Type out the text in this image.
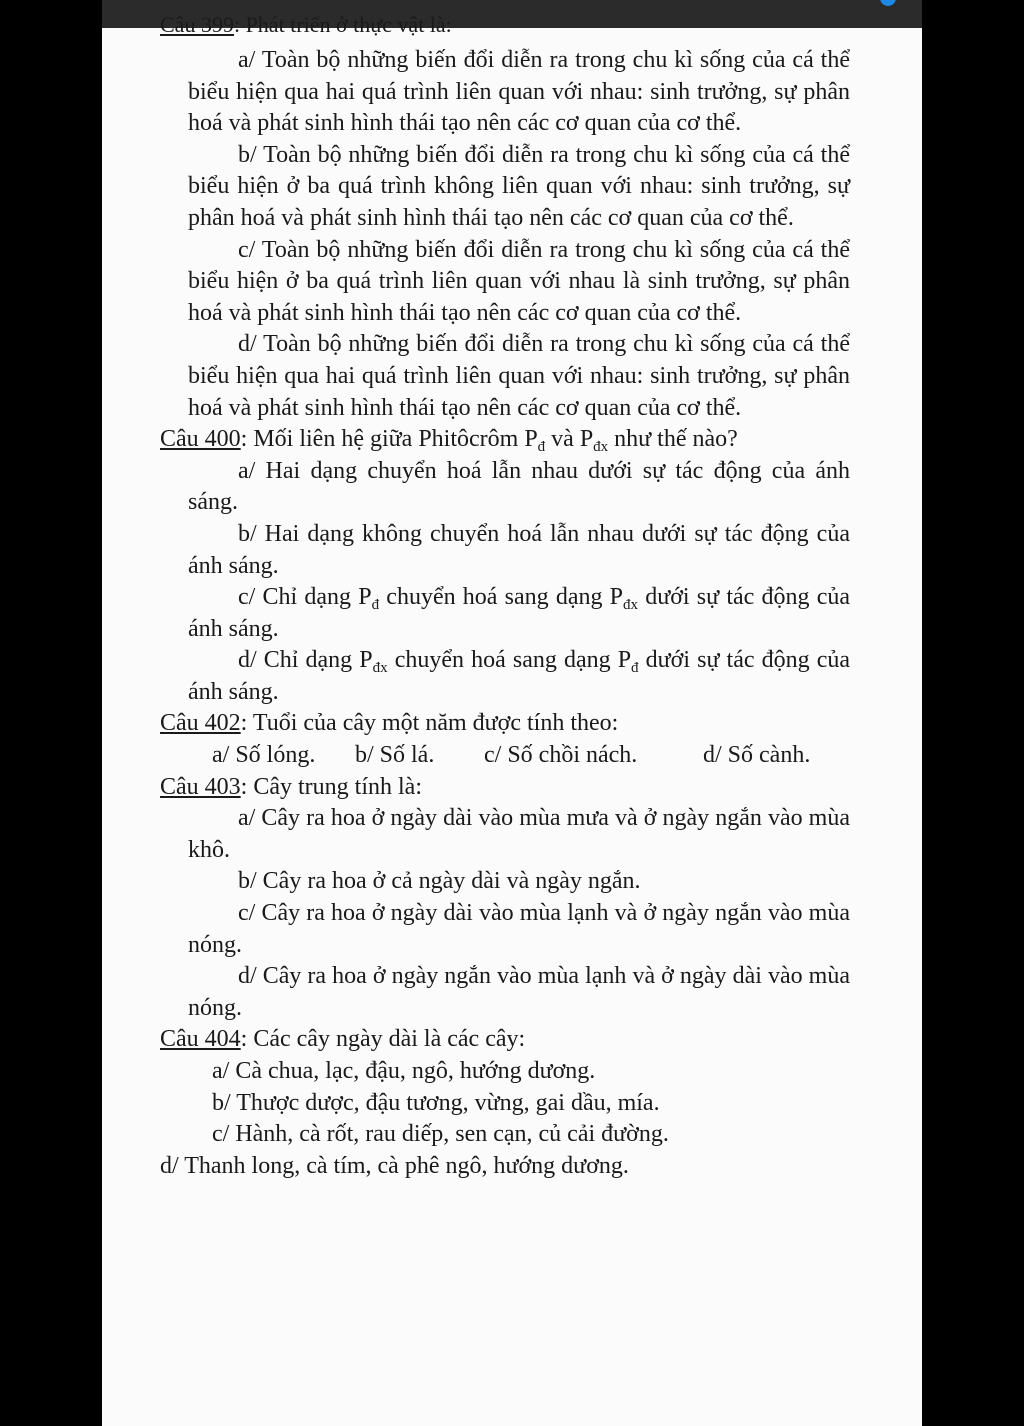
Câu 399: Phát triển ở thực vật là:

a/ Toàn bộ những biến đổi diễn ra trong chu kì sống của cá thể biểu hiện qua hai quá trình liên quan với nhau: sinh trưởng, sự phân hoá và phát sinh hình thái tạo nên các cơ quan của cơ thể.

b/ Toàn bộ những biến đổi diễn ra trong chu kì sống của cá thể biểu hiện ở ba quá trình không liên quan với nhau: sinh trưởng, sự phân hoá và phát sinh hình thái tạo nên các cơ quan của cơ thể.

c/ Toàn bộ những biến đổi diễn ra trong chu kì sống của cá thể biểu hiện ở ba quá trình liên quan với nhau là sinh trưởng, sự phân hoá và phát sinh hình thái tạo nên các cơ quan của cơ thể.

d/ Toàn bộ những biến đổi diễn ra trong chu kì sống của cá thể biểu hiện qua hai quá trình liên quan với nhau: sinh trưởng, sự phân hoá và phát sinh hình thái tạo nên các cơ quan của cơ thể.

Câu 400: Mối liên hệ giữa Phitôcrôm $P_đ$ và $P_{đx}$ như thế nào?

a/ Hai dạng chuyển hoá lẫn nhau dưới sự tác động của ánh sáng.

b/ Hai dạng không chuyển hoá lẫn nhau dưới sự tác động của ánh sáng.

c/ Chỉ dạng $P_đ$ chuyển hoá sang dạng $P_{đx}$ dưới sự tác động của ánh sáng.

d/ Chỉ dạng $P_{đx}$ chuyển hoá sang dạng $P_đ$ dưới sự tác động của ánh sáng.

Câu 402: Tuổi của cây một năm được tính theo:

a/ Số lóng. b/ Số lá. c/ Số chồi nách.	d/ Số cành.

Câu 403: Cây trung tính là:

a/ Cây ra hoa ở ngày dài vào mùa mưa và ở ngày ngắn vào mùa khô.

b/ Cây ra hoa ở cả ngày dài và ngày ngắn.

c/ Cây ra hoa ở ngày dài vào mùa lạnh và ở ngày ngắn vào mùa nóng.

d/ Cây ra hoa ở ngày ngắn vào mùa lạnh và ở ngày dài vào mùa nóng.

Câu 404: Các cây ngày dài là các cây:

a/ Cà chua, lạc, đậu, ngô, hướng dương.

b/ Thược dược, đậu tương, vừng, gai dầu, mía.

c/ Hành, cà rốt, rau diếp, sen cạn, củ cải đường.

d/ Thanh long, cà tím, cà phê ngô, hướng dương.
